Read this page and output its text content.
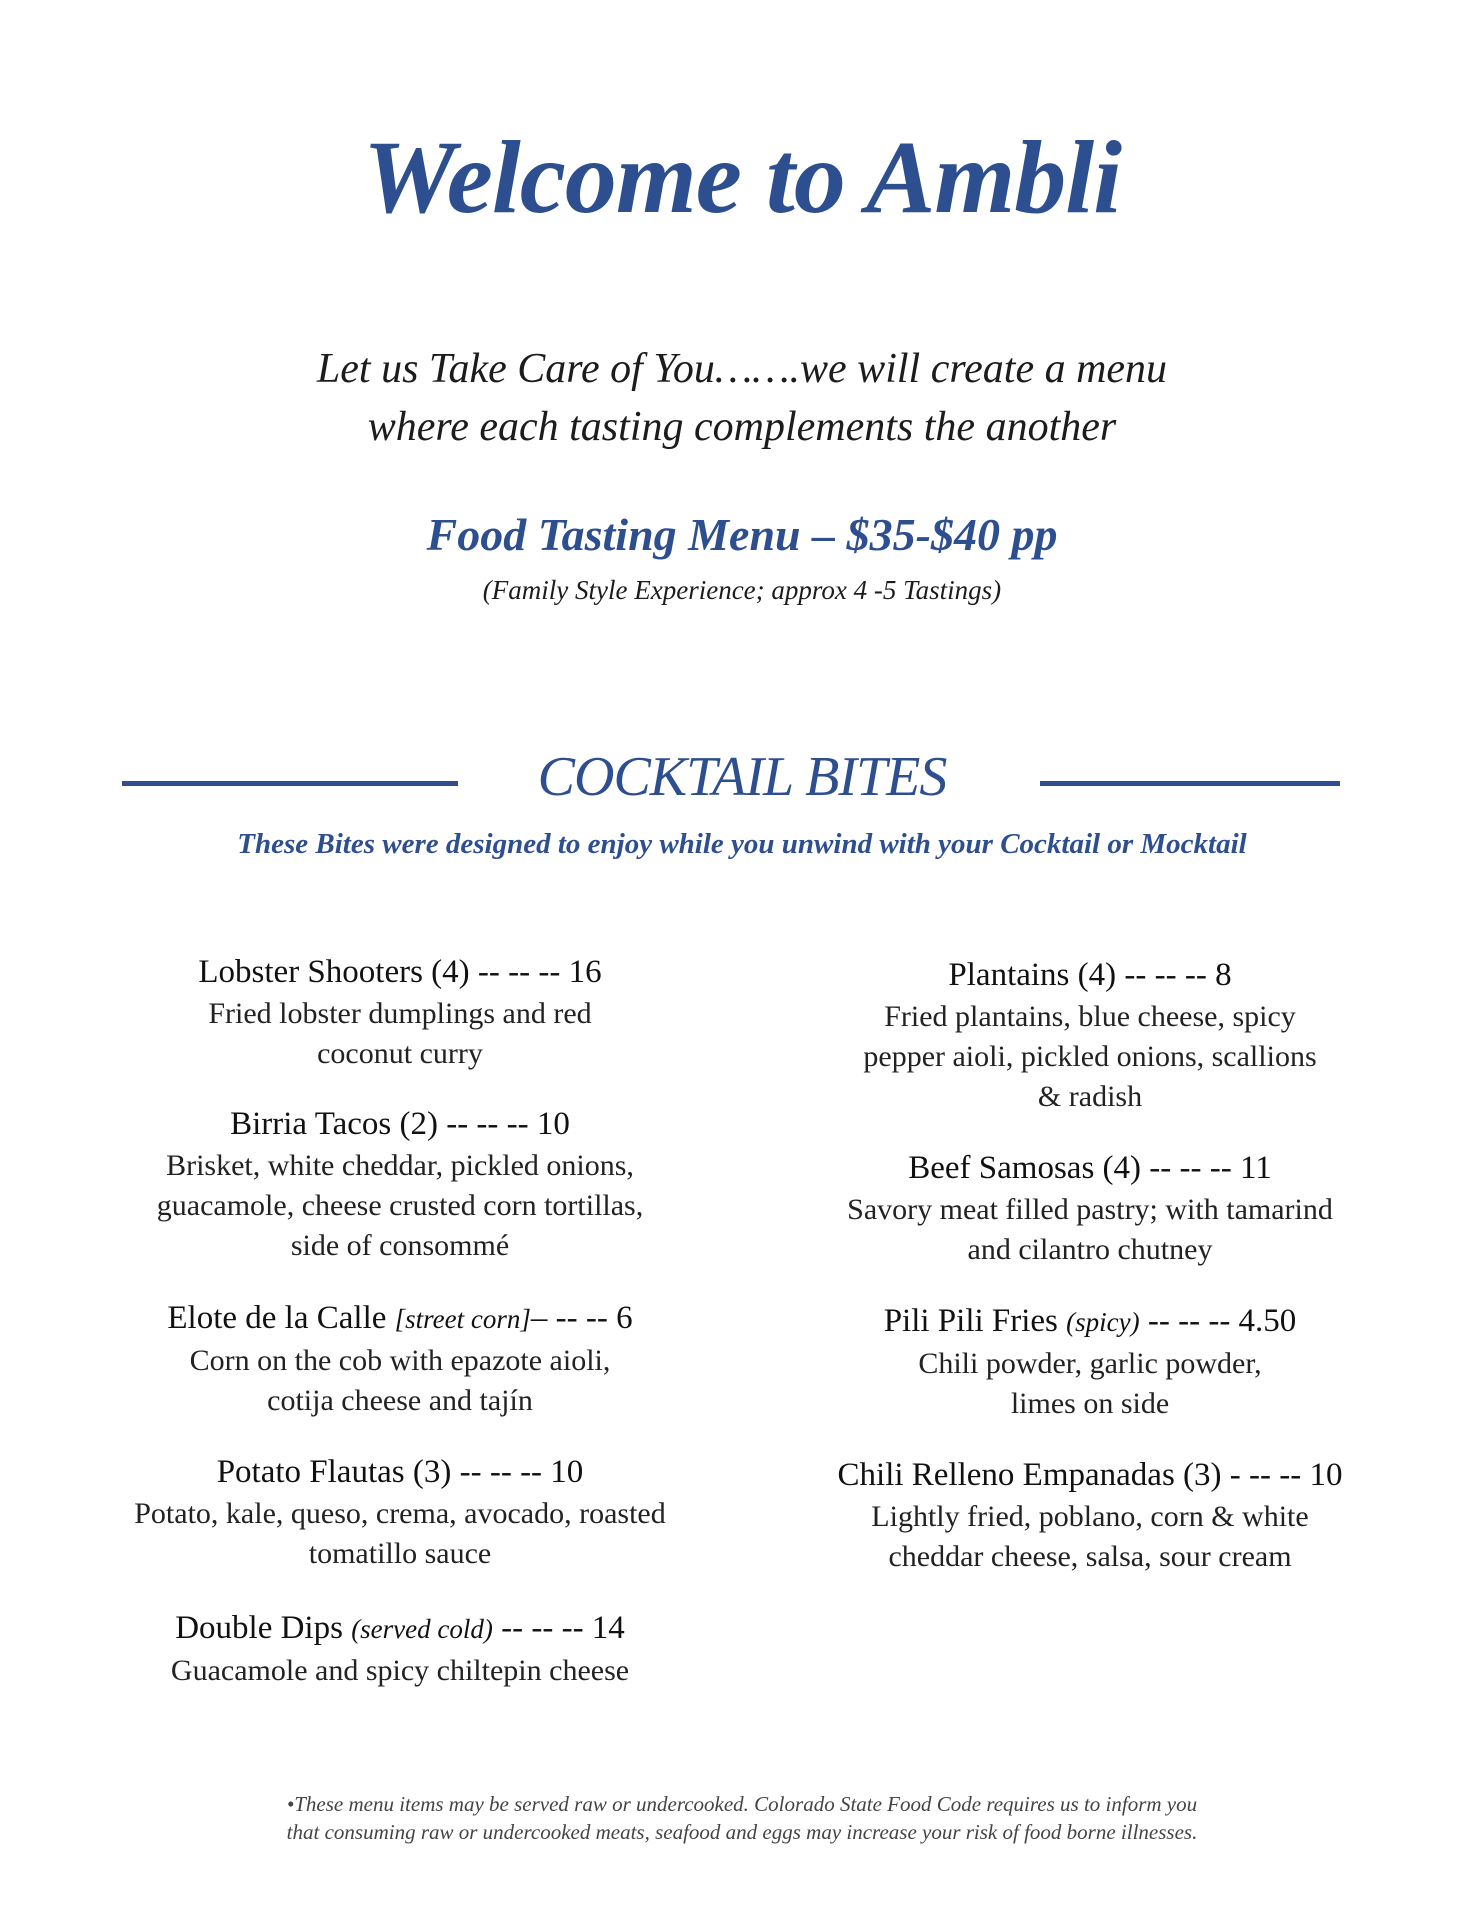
Welcome to Ambli
Let us Take Care of You…….we will create a menu
where each tasting complements the another
Food Tasting Menu – $35-$40 pp
(Family Style Experience; approx 4 -5 Tastings)
COCKTAIL BITES
These Bites were designed to enjoy while you unwind with your Cocktail or Mocktail
Lobster Shooters (4) -- -- -- 16
Fried lobster dumplings and red
coconut curry
Birria Tacos (2) -- -- -- 10
Brisket, white cheddar, pickled onions,
guacamole, cheese crusted corn tortillas,
side of consommé
Elote de la Calle [street corn]– -- -- 6
Corn on the cob with epazote aioli,
cotija cheese and tajín
Potato Flautas (3) -- -- -- 10
Potato, kale, queso, crema, avocado, roasted
tomatillo sauce
Double Dips (served cold) -- -- -- 14
Guacamole and spicy chiltepin cheese
Plantains (4) -- -- -- 8
Fried plantains, blue cheese, spicy
pepper aioli, pickled onions, scallions
& radish
Beef Samosas (4) -- -- -- 11
Savory meat filled pastry; with tamarind
and cilantro chutney
Pili Pili Fries (spicy) -- -- -- 4.50
Chili powder, garlic powder,
limes on side
Chili Relleno Empanadas (3) - -- -- 10
Lightly fried, poblano, corn & white
cheddar cheese, salsa, sour cream
•These menu items may be served raw or undercooked. Colorado State Food Code requires us to inform you
that consuming raw or undercooked meats, seafood and eggs may increase your risk of food borne illnesses.
